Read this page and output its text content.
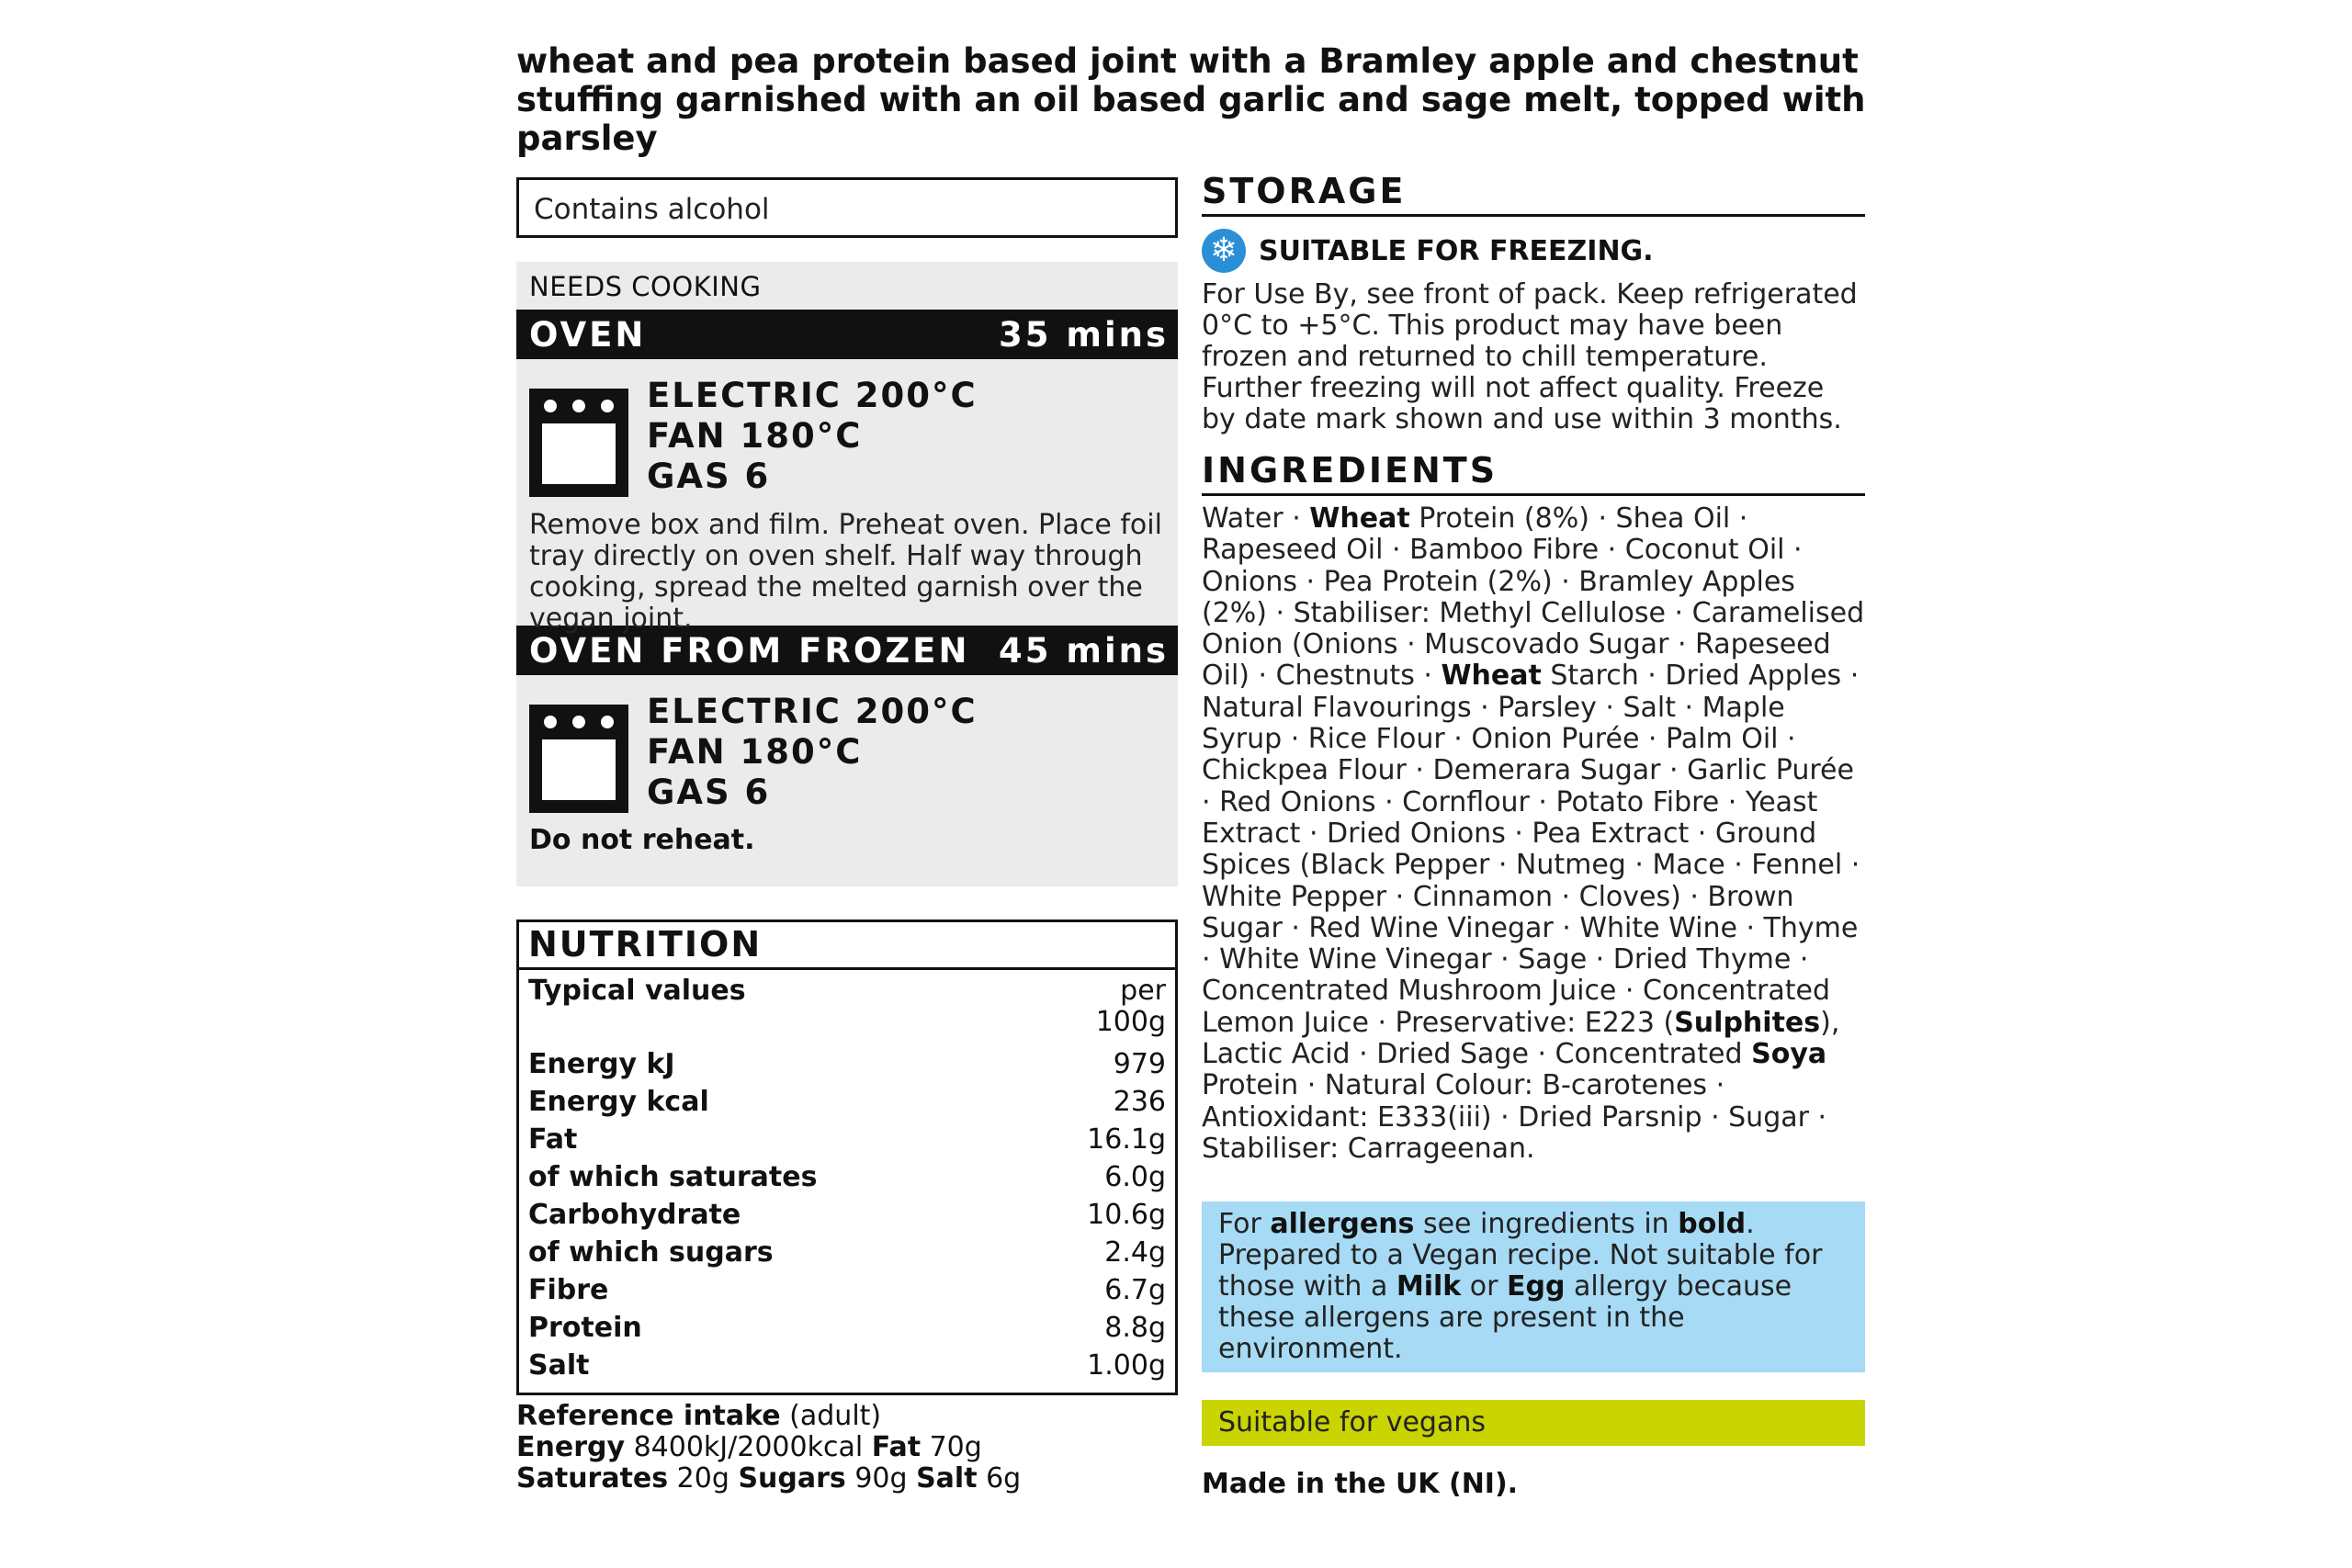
wheat and pea protein based joint with a Bramley apple and chestnut stuffing garnished with an oil based garlic and sage melt, topped with parsley
Contains alcohol
NEEDS COOKING
OVEN	35 mins
ELECTRIC 200°C
FAN 180°C
GAS 6
Remove box and film. Preheat oven. Place foil tray directly on oven shelf. Half way through cooking, spread the melted garnish over the vegan joint.
OVEN FROM FROZEN 45 mins
ELECTRIC 200°C
FAN 180°C
GAS 6
Do not reheat.
NUTRITION
Typical values	per
100g
Energy kJ	979
Energy kcal	236
Fat	16.1g
of which saturates	6.0g
Carbohydrate	10.6g
of which sugars	2.4g
Fibre	6.7g
Protein	8.8g
Salt	1.00g
Reference intake (adult)
Energy 8400kJ/2000kcal Fat 70g
Saturates 20g Sugars 90g Salt 6g
STORAGE
❄ SUITABLE FOR FREEZING.
For Use By, see front of pack. Keep refrigerated 0°C to +5°C. This product may have been frozen and returned to chill temperature. Further freezing will not affect quality. Freeze by date mark shown and use within 3 months.
INGREDIENTS
Water · Wheat Protein (8%) · Shea Oil · Rapeseed Oil · Bamboo Fibre · Coconut Oil · Onions · Pea Protein (2%) · Bramley Apples (2%) · Stabiliser: Methyl Cellulose · Caramelised Onion (Onions · Muscovado Sugar · Rapeseed Oil) · Chestnuts · Wheat Starch · Dried Apples · Natural Flavourings · Parsley · Salt · Maple Syrup · Rice Flour · Onion Purée · Palm Oil · Chickpea Flour · Demerara Sugar · Garlic Purée · Red Onions · Cornflour · Potato Fibre · Yeast Extract · Dried Onions · Pea Extract · Ground Spices (Black Pepper · Nutmeg · Mace · Fennel · White Pepper · Cinnamon · Cloves) · Brown Sugar · Red Wine Vinegar · White Wine · Thyme · White Wine Vinegar · Sage · Dried Thyme · Concentrated Mushroom Juice · Concentrated Lemon Juice · Preservative: E223 (Sulphites), Lactic Acid · Dried Sage · Concentrated Soya Protein · Natural Colour: B-carotenes · Antioxidant: E333(iii) · Dried Parsnip · Sugar · Stabiliser: Carrageenan.
For allergens see ingredients in bold. Prepared to a Vegan recipe. Not suitable for those with a Milk or Egg allergy because these allergens are present in the environment.
Suitable for vegans
Made in the UK (NI).
